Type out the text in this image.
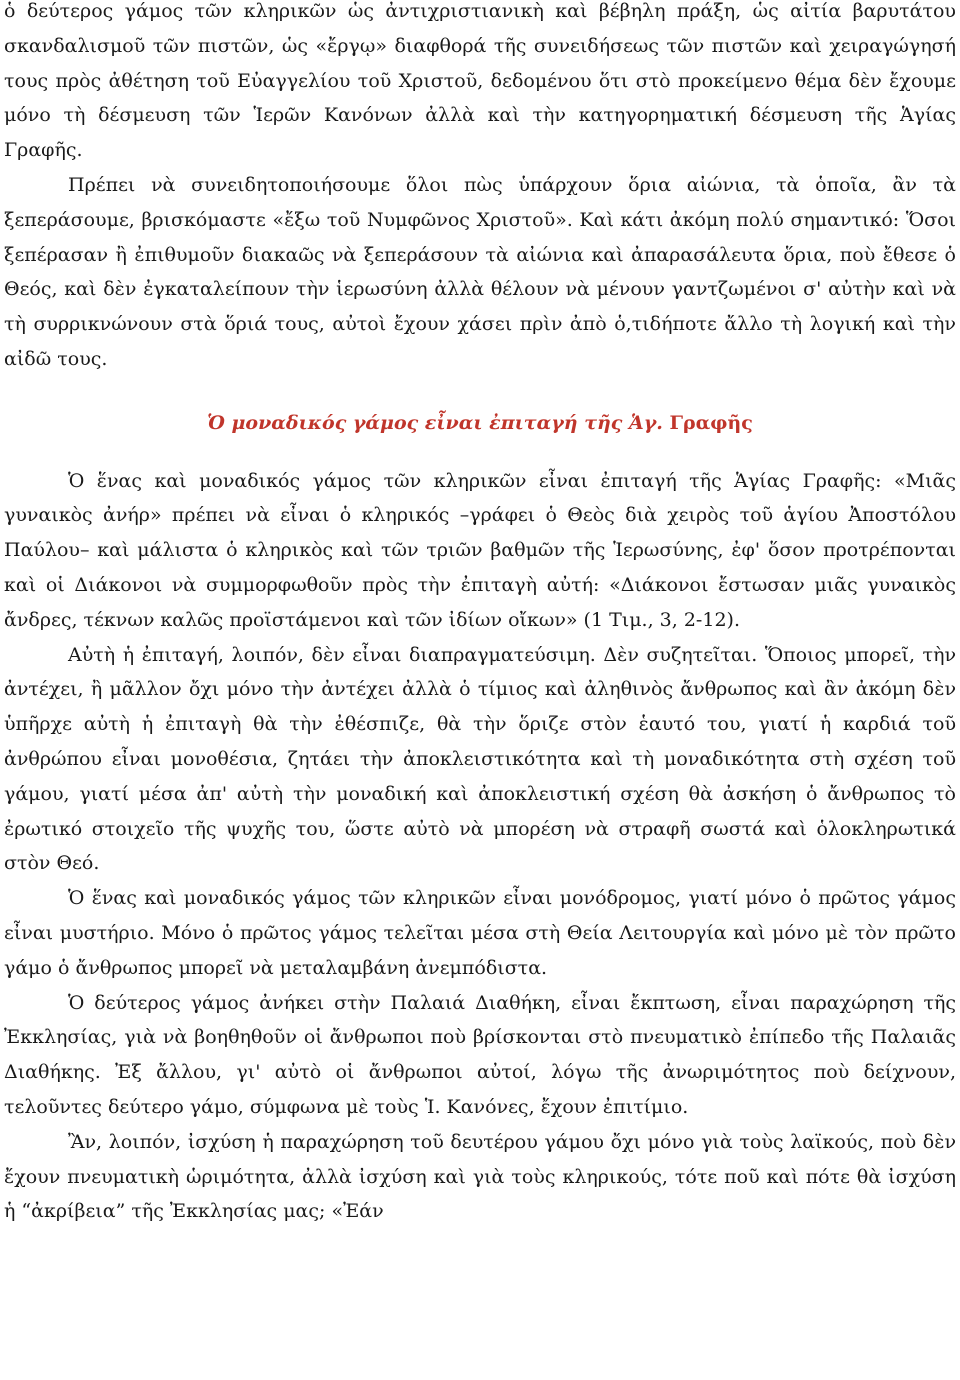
ὁ δεύτερος γάμος τῶν κληρικῶν ὡς ἀντιχριστιανικὴ καὶ βέβηλη πράξη, ὡς αἰτία βαρυτάτου σκανδαλισμοῦ τῶν πιστῶν, ὡς «ἔργῳ» διαφθορά τῆς συνειδήσεως τῶν πιστῶν καὶ χειραγώγησή τους πρὸς ἀθέτηση τοῦ Εὐαγγελίου τοῦ Χριστοῦ, δεδομένου ὅτι στὸ προκείμενο θέμα δὲν ἔχουμε μόνο τὴ δέσμευση τῶν Ἱερῶν Κανόνων ἀλλὰ καὶ τὴν κατηγορηματική δέσμευση τῆς Ἁγίας Γραφῆς.

Πρέπει νὰ συνειδητοποιήσουμε ὅλοι πὼς ὑπάρχουν ὅρια αἰώνια, τὰ ὁποῖα, ἂν τὰ ξεπεράσουμε, βρισκόμαστε «ἔξω τοῦ Νυμφῶνος Χριστοῦ». Καὶ κάτι ἀκόμη πολύ σημαντικό: Ὅσοι ξεπέρασαν ἢ ἐπιθυμοῦν διακαῶς νὰ ξεπεράσουν τὰ αἰώνια καὶ ἀπαρασάλευτα ὅρια, ποὺ ἔθεσε ὁ Θεός, καὶ δὲν ἐγκαταλείπουν τὴν ἱερωσύνη ἀλλὰ θέλουν νὰ μένουν γαντζωμένοι σ' αὐτὴν καὶ νὰ τὴ συρρικνώνουν στὰ ὅριά τους, αὐτοὶ ἔχουν χάσει πρὶν ἀπὸ ὁ,τιδήποτε ἄλλο τὴ λογική καὶ τὴν αἰδῶ τους.

Ὁ μοναδικός γάμος εἶναι ἐπιταγή τῆς Ἁγ. Γραφῆς

Ὁ ἕνας καὶ μοναδικός γάμος τῶν κληρικῶν εἶναι ἐπιταγή τῆς Ἁγίας Γραφῆς: «Μιᾶς γυναικὸς ἀνήρ» πρέπει νὰ εἶναι ὁ κληρικός –γράφει ὁ Θεὸς διὰ χειρὸς τοῦ ἁγίου Ἀποστόλου Παύλου– καὶ μάλιστα ὁ κληρικὸς καὶ τῶν τριῶν βαθμῶν τῆς Ἱερωσύνης, ἐφ' ὅσον προτρέπονται καὶ οἱ Διάκονοι νὰ συμμορφωθοῦν πρὸς τὴν ἐπιταγὴ αὐτή: «Διάκονοι ἔστωσαν μιᾶς γυναικὸς ἄνδρες, τέκνων καλῶς προϊστάμενοι καὶ τῶν ἰδίων οἴκων» (1 Τιμ., 3, 2-12).

Αὐτὴ ἡ ἐπιταγή, λοιπόν, δὲν εἶναι διαπραγματεύσιμη. Δὲν συζητεῖται. Ὅποιος μπορεῖ, τὴν ἀντέχει, ἢ μᾶλλον ὄχι μόνο τὴν ἀντέχει ἀλλὰ ὁ τίμιος καὶ ἀληθινὸς ἄνθρωπος καὶ ἂν ἀκόμη δὲν ὑπῆρχε αὐτὴ ἡ ἐπιταγὴ θὰ τὴν ἐθέσπιζε, θὰ τὴν ὅριζε στὸν ἑαυτό του, γιατί ἡ καρδιά τοῦ ἀνθρώπου εἶναι μονοθέσια, ζητάει τὴν ἀποκλειστικότητα καὶ τὴ μοναδικότητα στὴ σχέση τοῦ γάμου, γιατί μέσα ἀπ' αὐτὴ τὴν μοναδική καὶ ἀποκλειστική σχέση θὰ ἀσκήση ὁ ἄνθρωπος τὸ ἐρωτικό στοιχεῖο τῆς ψυχῆς του, ὥστε αὐτὸ νὰ μπορέση νὰ στραφῆ σωστά καὶ ὁλοκληρωτικά στὸν Θεό.

Ὁ ἕνας καὶ μοναδικός γάμος τῶν κληρικῶν εἶναι μονόδρομος, γιατί μόνο ὁ πρῶτος γάμος εἶναι μυστήριο. Μόνο ὁ πρῶτος γάμος τελεῖται μέσα στὴ Θεία Λειτουργία καὶ μόνο μὲ τὸν πρῶτο γάμο ὁ ἄνθρωπος μπορεῖ νὰ μεταλαμβάνη ἀνεμπόδιστα.

Ὁ δεύτερος γάμος ἀνήκει στὴν Παλαιά Διαθήκη, εἶναι ἔκπτωση, εἶναι παραχώρηση τῆς Ἐκκλησίας, γιὰ νὰ βοηθηθοῦν οἱ ἄνθρωποι ποὺ βρίσκονται στὸ πνευματικὸ ἐπίπεδο τῆς Παλαιᾶς Διαθήκης. Ἐξ ἄλλου, γι' αὐτὸ οἱ ἄνθρωποι αὐτοί, λόγω τῆς ἀνωριμότητος ποὺ δείχνουν, τελοῦντες δεύτερο γάμο, σύμφωνα μὲ τοὺς Ἱ. Κανόνες, ἔχουν ἐπιτίμιο.

Ἂν, λοιπόν, ἰσχύση ἡ παραχώρηση τοῦ δευτέρου γάμου ὄχι μόνο γιὰ τοὺς λαϊκούς, ποὺ δὲν ἔχουν πνευματικὴ ὡριμότητα, ἀλλὰ ἰσχύση καὶ γιὰ τοὺς κληρικούς, τότε ποῦ καὶ πότε θὰ ἰσχύση ἡ “ἀκρίβεια” τῆς Ἐκκλησίας μας; «Ἐάν
